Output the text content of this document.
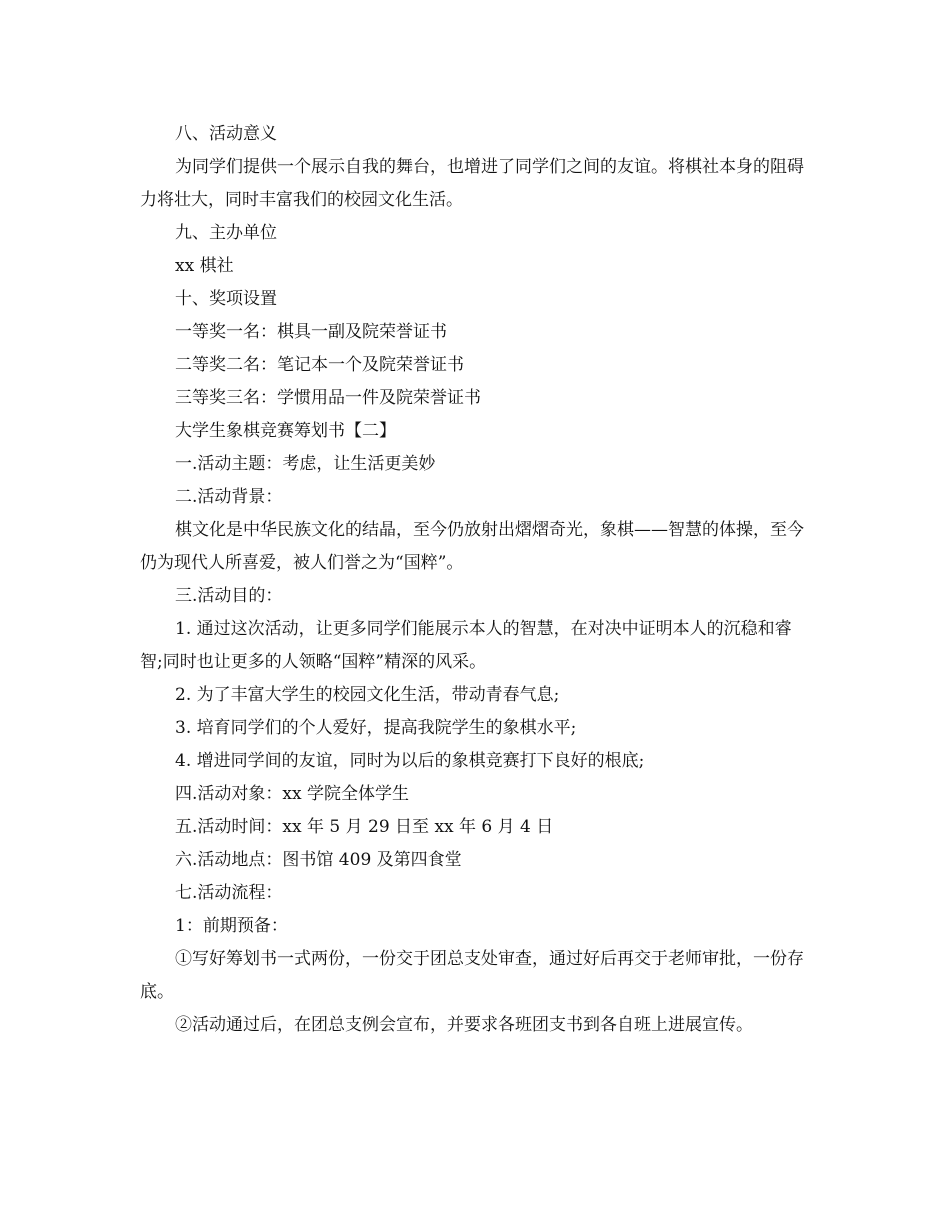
八、活动意义

为同学们提供一个展示自我的舞台，也增进了同学们之间的友谊。将棋社本身的阻碍力将壮大，同时丰富我们的校园文化生活。

九、主办单位

xx 棋社

十、奖项设置

一等奖一名：棋具一副及院荣誉证书

二等奖二名：笔记本一个及院荣誉证书

三等奖三名：学惯用品一件及院荣誉证书

大学生象棋竞赛筹划书【二】

一.活动主题：考虑，让生活更美妙

二.活动背景：

棋文化是中华民族文化的结晶，至今仍放射出熠熠奇光，象棋——智慧的体操，至今仍为现代人所喜爱，被人们誉之为“国粹”。

三.活动目的：

1. 通过这次活动，让更多同学们能展示本人的智慧，在对决中证明本人的沉稳和睿智;同时也让更多的人领略“国粹”精深的风采。

2. 为了丰富大学生的校园文化生活，带动青春气息;

3. 培育同学们的个人爱好，提高我院学生的象棋水平;

4. 增进同学间的友谊，同时为以后的象棋竞赛打下良好的根底;

四.活动对象：xx 学院全体学生

五.活动时间：xx 年 5 月 29 日至 xx 年 6 月 4 日

六.活动地点：图书馆 409 及第四食堂

七.活动流程：

1：前期预备：

①写好筹划书一式两份，一份交于团总支处审查，通过好后再交于老师审批，一份存底。

②活动通过后，在团总支例会宣布，并要求各班团支书到各自班上进展宣传。
